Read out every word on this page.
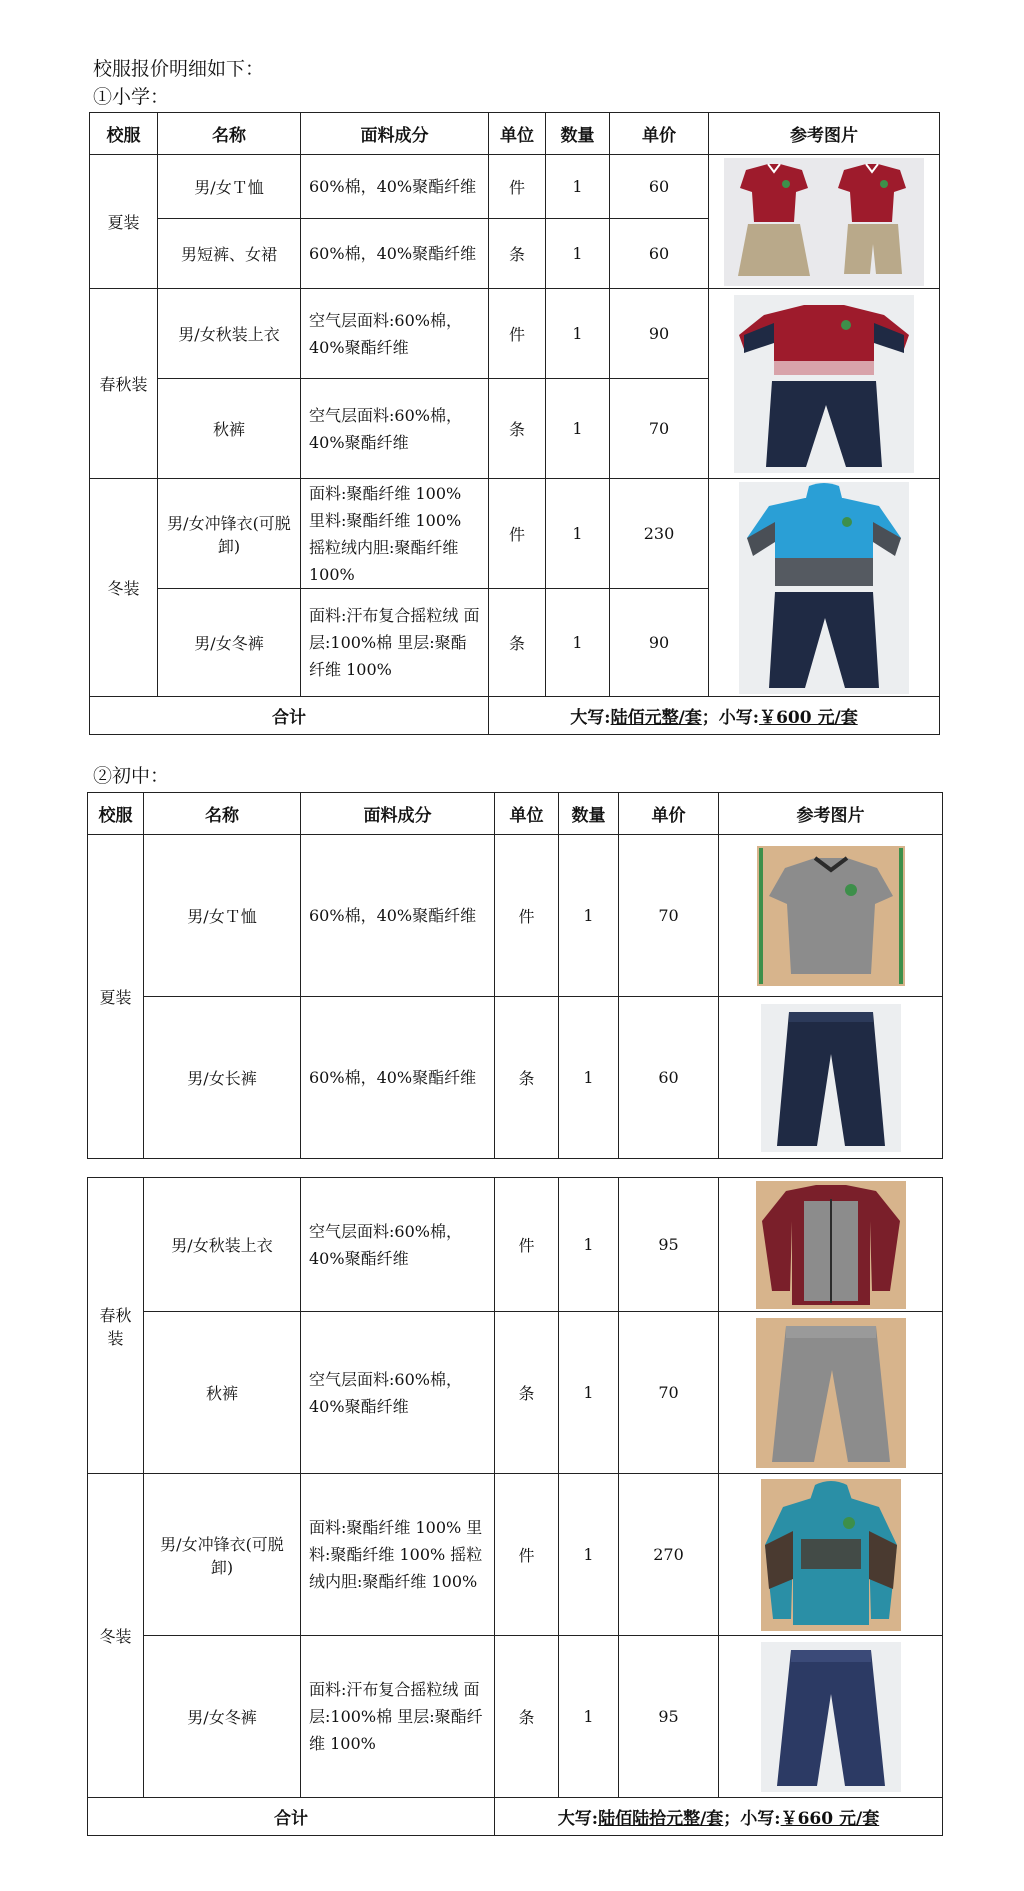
校服报价明细如下：

①小学：

校服	名称	面料成分	单位	数量	单价	参考图片
夏装	男/女Ｔ恤	60%棉，40%聚酯纤维	件	1	60	

	男短裤、女裙	60%棉，40%聚酯纤维	条	1	60	
春秋装	男/女秋装上衣	空气层面料:60%棉，40%聚酯纤维	件	1	90	

	秋裤	空气层面料:60%棉，40%聚酯纤维	条	1	70	
冬装	男/女冲锋衣(可脱卸)	面料:聚酯纤维 100% 里料:聚酯纤维 100% 摇粒绒内胆:聚酯纤维 100%	件	1	230	

	男/女冬裤	面料:汗布复合摇粒绒 面层:100%棉 里层:聚酯纤维 100%	条	1	90	
合计			大写:陆佰元整/套；小写:￥600 元/套			

②初中：

校服	名称	面料成分	单位	数量	单价	参考图片
夏装	男/女Ｔ恤	60%棉，40%聚酯纤维	件	1	70	

	男/女长裤	60%棉，40%聚酯纤维	条	1	60	
春秋装	男/女秋装上衣	空气层面料:60%棉，40%聚酯纤维	件	1	95	

	秋裤	空气层面料:60%棉，40%聚酯纤维	条	1	70	

冬装	男/女冲锋衣(可脱卸)	面料:聚酯纤维 100% 里料:聚酯纤维 100% 摇粒绒内胆:聚酯纤维 100%	件	1	270	

	男/女冬裤	面料:汗布复合摇粒绒 面层:100%棉 里层:聚酯纤维 100%	条	1	95	

合计			大写:陆佰陆拾元整/套；小写:￥660 元/套			
